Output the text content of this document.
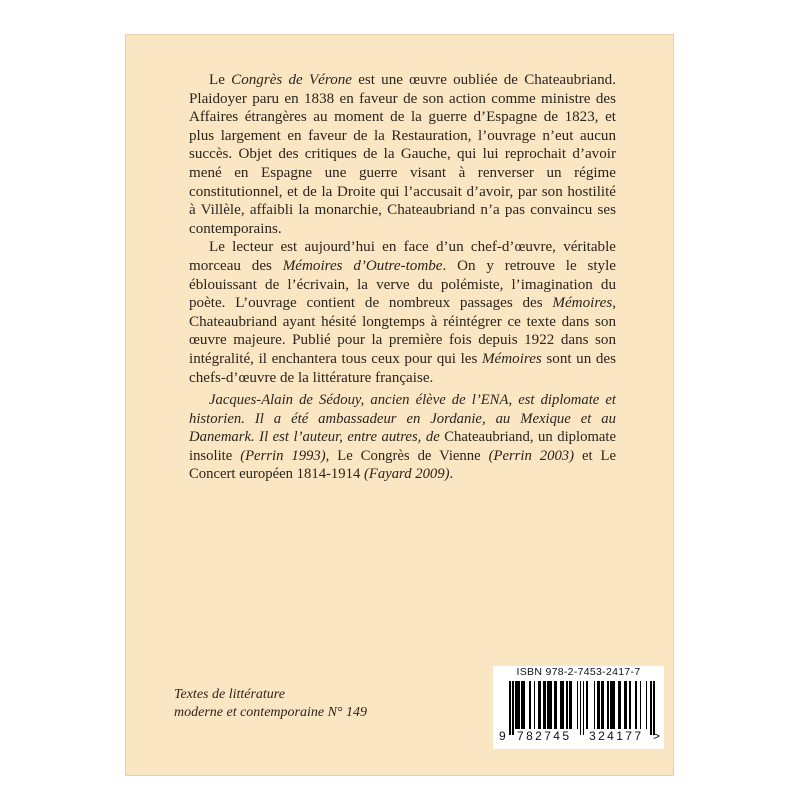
Le Congrès de Vérone est une œuvre oubliée de Chateaubriand. Plaidoyer paru en 1838 en faveur de son action comme ministre des Affaires étrangères au moment de la guerre d’Espagne de 1823, et plus largement en faveur de la Restauration, l’ouvrage n’eut aucun succès. Objet des critiques de la Gauche, qui lui reprochait d’avoir mené en Espagne une guerre visant à renverser un régime constitutionnel, et de la Droite qui l’accusait d’avoir, par son hostilité à Villèle, affaibli la monarchie, Chateaubriand n’a pas convaincu ses contemporains.

Le lecteur est aujourd’hui en face d’un chef-d’œuvre, véritable morceau des Mémoires d’Outre-tombe. On y retrouve le style éblouissant de l’écrivain, la verve du polémiste, l’imagination du poète. L’ouvrage contient de nombreux passages des Mémoires, Chateaubriand ayant hésité longtemps à réintégrer ce texte dans son œuvre majeure. Publié pour la première fois depuis 1922 dans son intégralité, il enchantera tous ceux pour qui les Mémoires sont un des chefs-d’œuvre de la littérature française.

Jacques-Alain de Sédouy, ancien élève de l’ENA, est diplomate et historien. Il a été ambassadeur en Jordanie, au Mexique et au Danemark. Il est l’auteur, entre autres, de Chateaubriand, un diplomate insolite (Perrin 1993), Le Congrès de Vienne (Perrin 2003) et Le Concert européen 1814-1914 (Fayard 2009).

Textes de littérature
moderne et contemporaine N° 149
ISBN 978-2-7453-2417-7
9 782745 324177 >
